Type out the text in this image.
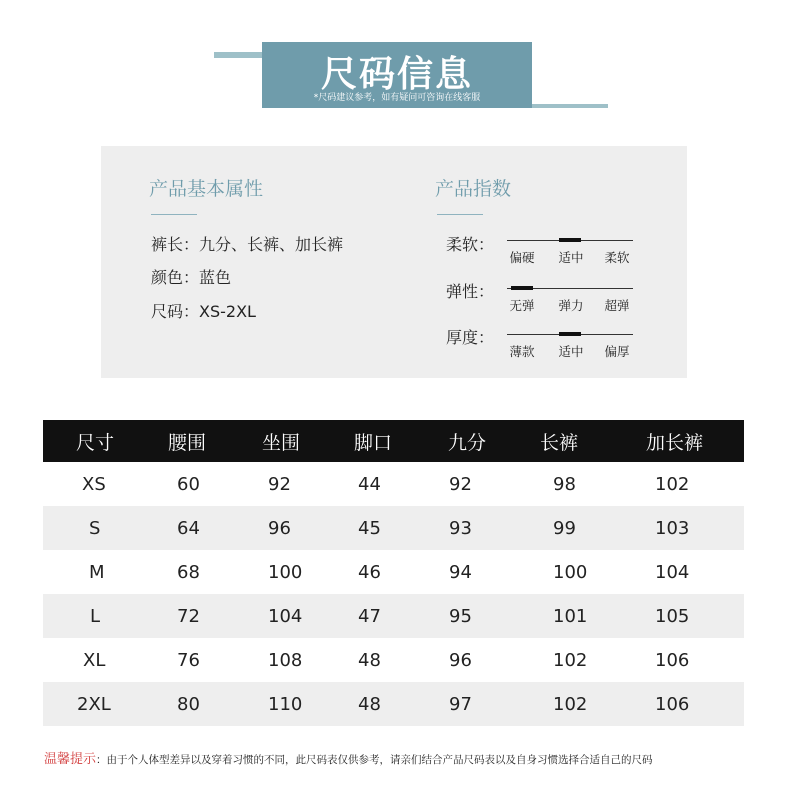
尺码信息
*尺码建议参考，如有疑问可咨询在线客服
产品基本属性
裤长：九分、长裤、加长裤
颜色：蓝色
尺码：XS-2XL
产品指数
柔软：
偏硬	适中	柔软
弹性：
无弹	弹力	超弹
厚度：
薄款	适中	偏厚
尺寸	腰围	坐围	脚口	九分	长裤	加长裤
XS	60	92	44	92	98	102
S	64	96	45	93	99	103
M	68	100	46	94	100	104
L	72	104	47	95	101	105
XL	76	108	48	96	102	106
2XL	80	110	48	97	102	106
温馨提示：由于个人体型差异以及穿着习惯的不同，此尺码表仅供参考，请亲们结合产品尺码表以及自身习惯选择合适自己的尺码
